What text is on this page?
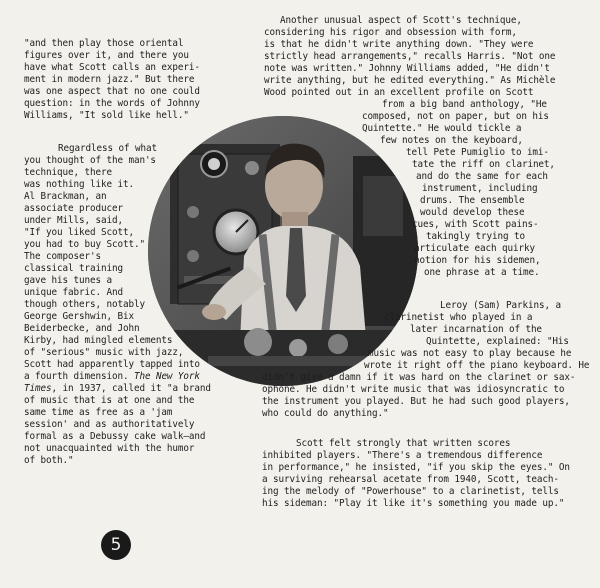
"and then play those oriental
figures over it, and there you
have what Scott calls an experi-
ment in modern jazz." But there
was one aspect that no one could
question: in the words of Johnny
Williams, "It sold like hell."
Regardless of what
you thought of the man's
technique, there
was nothing like it.
Al Brackman, an
associate producer
under Mills, said,
"If you liked Scott,
you had to buy Scott."
The composer's
classical training
gave his tunes a
unique fabric. And
though others, notably
George Gershwin, Bix
Beiderbecke, and John
Kirby, had mingled elements
of "serious" music with jazz,
Scott had apparently tapped into
a fourth dimension. The New York
Times, in 1937, called it "a brand
of music that is at one and the
same time as free as a 'jam
session' and as authoritatively
formal as a Debussy cake walk—and
not unacquainted with the humor
of both."
Another unusual aspect of Scott's technique,
considering his rigor and obsession with form,
is that he didn't write anything down. "They were
strictly head arrangements," recalls Harris. "Not one
note was written." Johnny Williams added, "He didn't
write anything, but he edited everything." As Michèle
Wood pointed out in an excellent profile on Scott
from a big band anthology, "He
composed, not on paper, but on his
Quintette." He would tickle a
few notes on the keyboard,
tell Pete Pumiglio to imi-
tate the riff on clarinet,
and do the same for each
instrument, including
drums. The ensemble
would develop these
cues, with Scott pains-
takingly trying to
articulate each quirky
notion for his sidemen,
one phrase at a time.
Leroy (Sam) Parkins, a
clarinetist who played in a
later incarnation of the
Quintette, explained: "His
music was not easy to play because he
wrote it right off the piano keyboard. He
didn't give a damn if it was hard on the clarinet or sax-
ophone. He didn't write music that was idiosyncratic to
the instrument you played. But he had such good players,
who could do anything."
Scott felt strongly that written scores
inhibited players. "There's a tremendous difference
in performance," he insisted, "if you skip the eyes." On
a surviving rehearsal acetate from 1940, Scott, teach-
ing the melody of "Powerhouse" to a clarinetist, tells
his sideman: "Play it like it's something you made up."
5
